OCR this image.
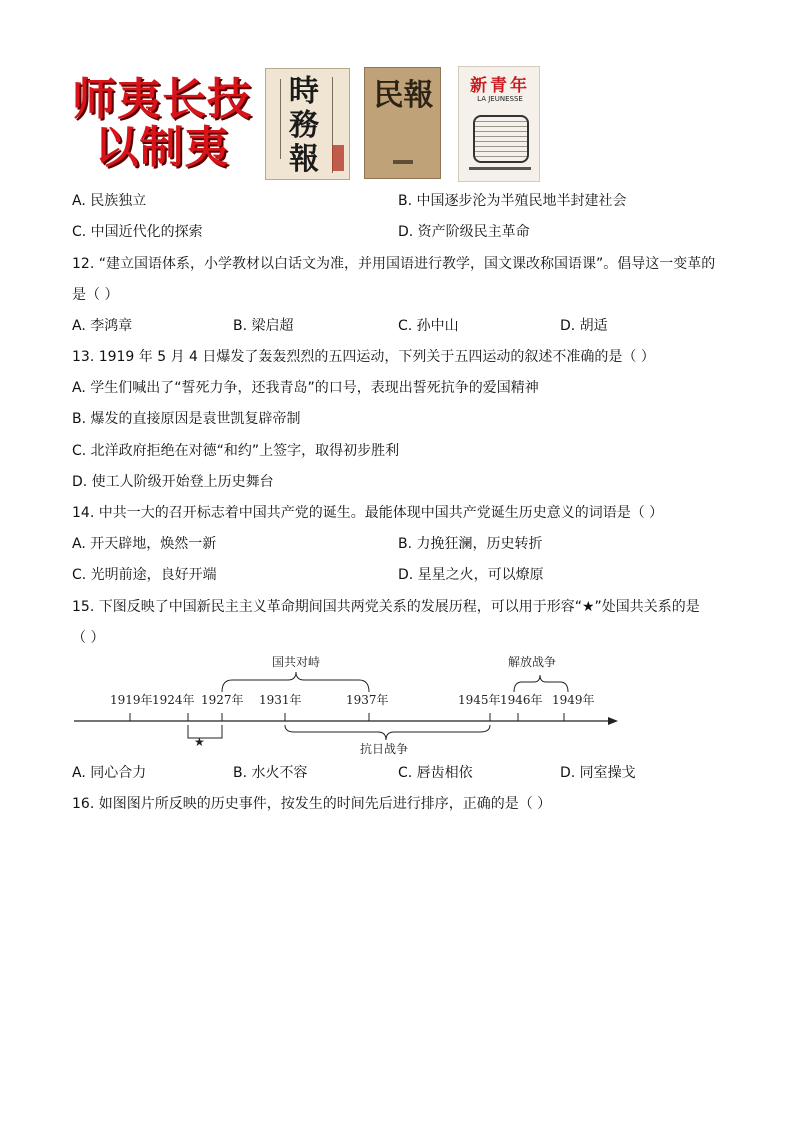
师夷长技
以制夷
時務報
民報	新青年
LA JEUNESSE
A. 民族独立	B. 中国逐步沦为半殖民地半封建社会
C. 中国近代化的探索	D. 资产阶级民主革命
12. “建立国语体系，小学教材以白话文为准，并用国语进行教学，国文课改称国语课”。倡导这一变革的
是（ ）
A. 李鸿章	B. 梁启超	C. 孙中山	D. 胡适
13. 1919 年 5 月 4 日爆发了轰轰烈烈的五四运动，下列关于五四运动的叙述不准确的是（ ）
A. 学生们喊出了“誓死力争，还我青岛”的口号，表现出誓死抗争的爱国精神
B. 爆发的直接原因是袁世凯复辟帝制
C. 北洋政府拒绝在对德“和约”上签字，取得初步胜利
D. 使工人阶级开始登上历史舞台
14. 中共一大的召开标志着中国共产党的诞生。最能体现中国共产党诞生历史意义的词语是（ ）
A. 开天辟地，焕然一新	B. 力挽狂澜，历史转折
C. 光明前途，良好开端	D. 星星之火，可以燎原
15. 下图反映了中国新民主主义革命期间国共两党关系的发展历程，可以用于形容“★”处国共关系的是
（ ）
1919年 1924年 1927年 1931年	1937年	1945年 1946年 1949年
国共对峙	解放战争
★	抗日战争
A. 同心合力	B. 水火不容	C. 唇齿相依	D. 同室操戈
16. 如图图片所反映的历史事件，按发生的时间先后进行排序，正确的是（ ）
